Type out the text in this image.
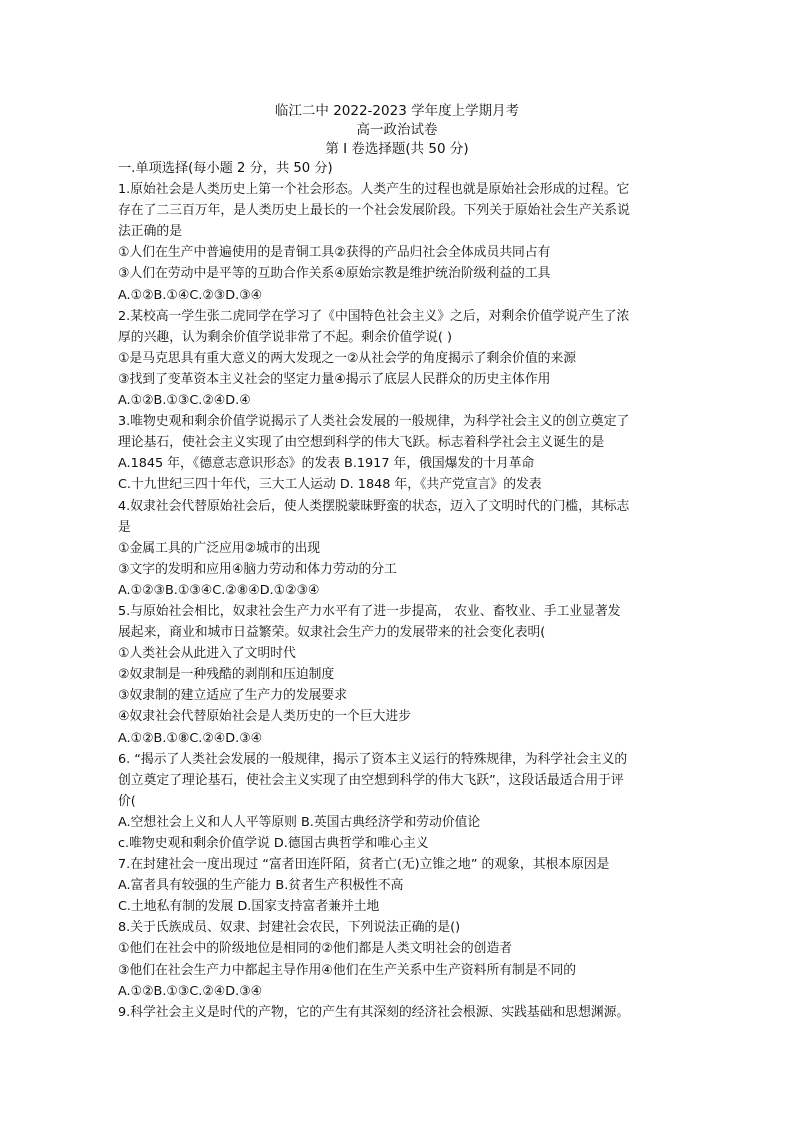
临江二中 2022-2023 学年度上学期月考
高一政治试卷
第 I 卷选择题(共 50 分)

一.单项选择(每小题 2 分，共 50 分)

1.原始社会是人类历史上第一个社会形态。人类产生的过程也就是原始社会形成的过程。它

存在了二三百万年，是人类历史上最长的一个社会发展阶段。下列关于原始社会生产关系说

法正确的是

①人们在生产中普遍使用的是青铜工具②获得的产品归社会全体成员共同占有

③人们在劳动中是平等的互助合作关系④原始宗教是维护统治阶级利益的工具

A.①②B.①④C.②③D.③④

2.某校高一学生张二虎同学在学习了《中国特色社会主义》之后，对剩余价值学说产生了浓

厚的兴趣，认为剩余价值学说非常了不起。剩余价值学说( )

①是马克思具有重大意义的两大发现之一②从社会学的角度揭示了剩余价值的来源

③找到了变革资本主义社会的坚定力量④揭示了底层人民群众的历史主体作用

A.①②B.①③C.②④D.④

3.唯物史观和剩余价值学说揭示了人类社会发展的一般规律，为科学社会主义的创立奠定了

理论基石，使社会主义实现了由空想到科学的伟大飞跃。标志着科学社会主义诞生的是

A.1845 年，《德意志意识形态》的发表 B.1917 年，俄国爆发的十月革命

C.十九世纪三四十年代，三大工人运动 D. 1848 年，《共产党宣言》的发表

4.奴隶社会代替原始社会后，使人类摆脱蒙昧野蛮的状态，迈入了文明时代的门槛，其标志

是

①金属工具的广泛应用②城市的出现

③文字的发明和应用④脑力劳动和体力劳动的分工

A.①②③B.①③④C.②⑧④D.①②③④

5.与原始社会相比，奴隶社会生产力水平有了进一步提高， 农业、畜牧业、手工业显著发

展起来，商业和城市日益繁荣。奴隶社会生产力的发展带来的社会变化表明(

①人类社会从此进入了文明时代

②奴隶制是一种残酷的剥削和压迫制度

③奴隶制的建立适应了生产力的发展要求

④奴隶社会代替原始社会是人类历史的一个巨大进步

A.①②B.①⑧C.②④D.③④

6. “揭示了人类社会发展的一般规律，揭示了资本主义运行的特殊规律，为科学社会主义的

创立奠定了理论基石，使社会主义实现了由空想到科学的伟大飞跃”，这段话最适合用于评

价(

A.空想社会上义和人人平等原则 B.英国古典经济学和劳动价值论

c.唯物史观和剩余价值学说 D.德国古典哲学和唯心主义

7.在封建社会一度出现过 “富者田连阡陌，贫者亡(无)立锥之地” 的观象，其根本原因是

A.富者具有较强的生产能力 B.贫者生产积极性不高

C.土地私有制的发展 D.国家支持富者兼并土地

8.关于氏族成员、奴隶、封建社会农民，下列说法正确的是()

①他们在社会中的阶级地位是相同的②他们都是人类文明社会的创造者

③他们在社会生产力中都起主导作用④他们在生产关系中生产资料所有制是不同的

A.①②B.①③C.②④D.③④

9.科学社会主义是时代的产物，它的产生有其深刻的经济社会根源、实践基础和思想渊源。
